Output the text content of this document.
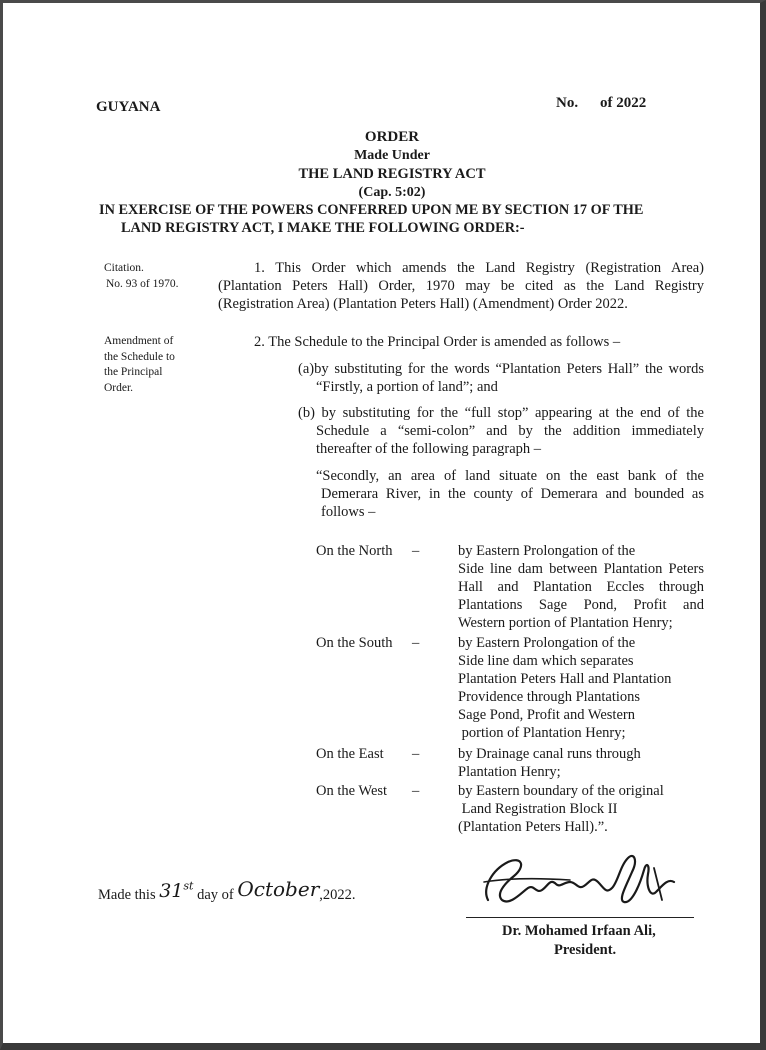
GUYANA	No. of 2022
ORDER
Made Under
THE LAND REGISTRY ACT
(Cap. 5:02)
IN EXERCISE OF THE POWERS CONFERRED UPON ME BY SECTION 17 OF THE
LAND REGISTRY ACT, I MAKE THE FOLLOWING ORDER:-
Citation.
No. 93 of 1970.
1. This Order which amends the Land Registry (Registration Area)
(Plantation Peters Hall) Order, 1970 may be cited as the Land Registry
(Registration Area) (Plantation Peters Hall) (Amendment) Order 2022.
Amendment of
the Schedule to
the Principal
Order.
2. The Schedule to the Principal Order is amended as follows –
(a)by substituting for the words “Plantation Peters Hall” the words
“Firstly, a portion of land”; and
(b) by substituting for the “full stop” appearing at the end of the
Schedule a “semi-colon” and by the addition immediately
thereafter of the following paragraph –
“Secondly, an area of land situate on the east bank of the
Demerara River, in the county of Demerara and bounded as
follows –
On the North –	by Eastern Prolongation of the
Side line dam between Plantation Peters
Hall and Plantation Eccles through
Plantations Sage Pond, Profit and
Western portion of Plantation Henry;
On the South –	by Eastern Prolongation of the
Side line dam which separates
Plantation Peters Hall and Plantation
Providence through Plantations
Sage Pond, Profit and Western
portion of Plantation Henry;
On the East –	by Drainage canal runs through
Plantation Henry;
On the West –	by Eastern boundary of the original
Land Registration Block II
(Plantation Peters Hall).”.
Made this 31st day of October,2022.
Dr. Mohamed Irfaan Ali,
President.
